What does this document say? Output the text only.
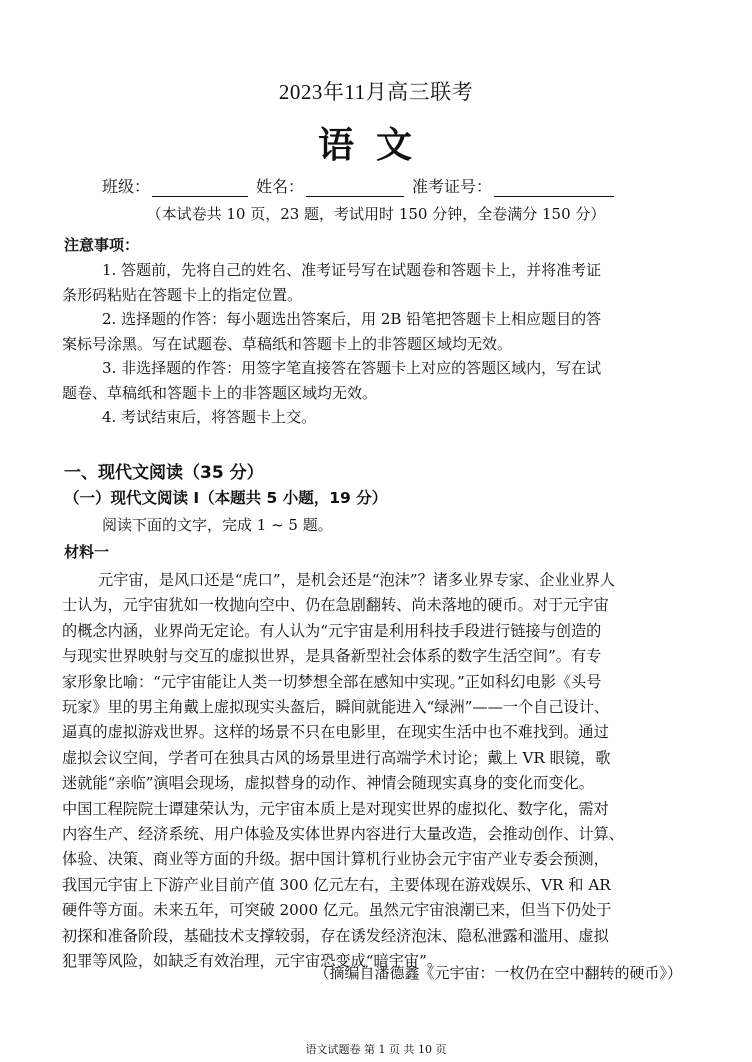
2023年11月高三联考
语文
班级：	姓名：	准考证号：
（本试卷共 10 页，23 题，考试用时 150 分钟，全卷满分 150 分）
注意事项：
1. 答题前，先将自己的姓名、准考证号写在试题卷和答题卡上，并将准考证
条形码粘贴在答题卡上的指定位置。
2. 选择题的作答：每小题选出答案后，用 2B 铅笔把答题卡上相应题目的答
案标号涂黑。写在试题卷、草稿纸和答题卡上的非答题区域均无效。
3. 非选择题的作答：用签字笔直接答在答题卡上对应的答题区域内，写在试
题卷、草稿纸和答题卡上的非答题区域均无效。
4. 考试结束后，将答题卡上交。
一、现代文阅读（35 分）
（一）现代文阅读 I（本题共 5 小题，19 分）
阅读下面的文字，完成 1 ~ 5 题。
材料一
元宇宙，是风口还是“虎口”，是机会还是“泡沫”？诸多业界专家、企业业界人
士认为，元宇宙犹如一枚抛向空中、仍在急剧翻转、尚未落地的硬币。对于元宇宙
的概念内涵，业界尚无定论。有人认为“元宇宙是利用科技手段进行链接与创造的
与现实世界映射与交互的虚拟世界，是具备新型社会体系的数字生活空间”。有专
家形象比喻：“元宇宙能让人类一切梦想全部在感知中实现。”正如科幻电影《头号
玩家》里的男主角戴上虚拟现实头盔后，瞬间就能进入“绿洲”——一个自己设计、
逼真的虚拟游戏世界。这样的场景不只在电影里，在现实生活中也不难找到。通过
虚拟会议空间，学者可在独具古风的场景里进行高端学术讨论；戴上 VR 眼镜，歌
迷就能“亲临”演唱会现场，虚拟替身的动作、神情会随现实真身的变化而变化。
中国工程院院士谭建荣认为，元宇宙本质上是对现实世界的虚拟化、数字化，需对
内容生产、经济系统、用户体验及实体世界内容进行大量改造，会推动创作、计算、
体验、决策、商业等方面的升级。据中国计算机行业协会元宇宙产业专委会预测，
我国元宇宙上下游产业目前产值 300 亿元左右，主要体现在游戏娱乐、VR 和 AR
硬件等方面。未来五年，可突破 2000 亿元。虽然元宇宙浪潮已来，但当下仍处于
初探和准备阶段，基础技术支撑较弱，存在诱发经济泡沫、隐私泄露和滥用、虚拟
犯罪等风险，如缺乏有效治理，元宇宙恐变成“暗宇宙”。
（摘编自潘德鑫《元宇宙：一枚仍在空中翻转的硬币》）
语文试题卷 第 1 页 共 10 页
